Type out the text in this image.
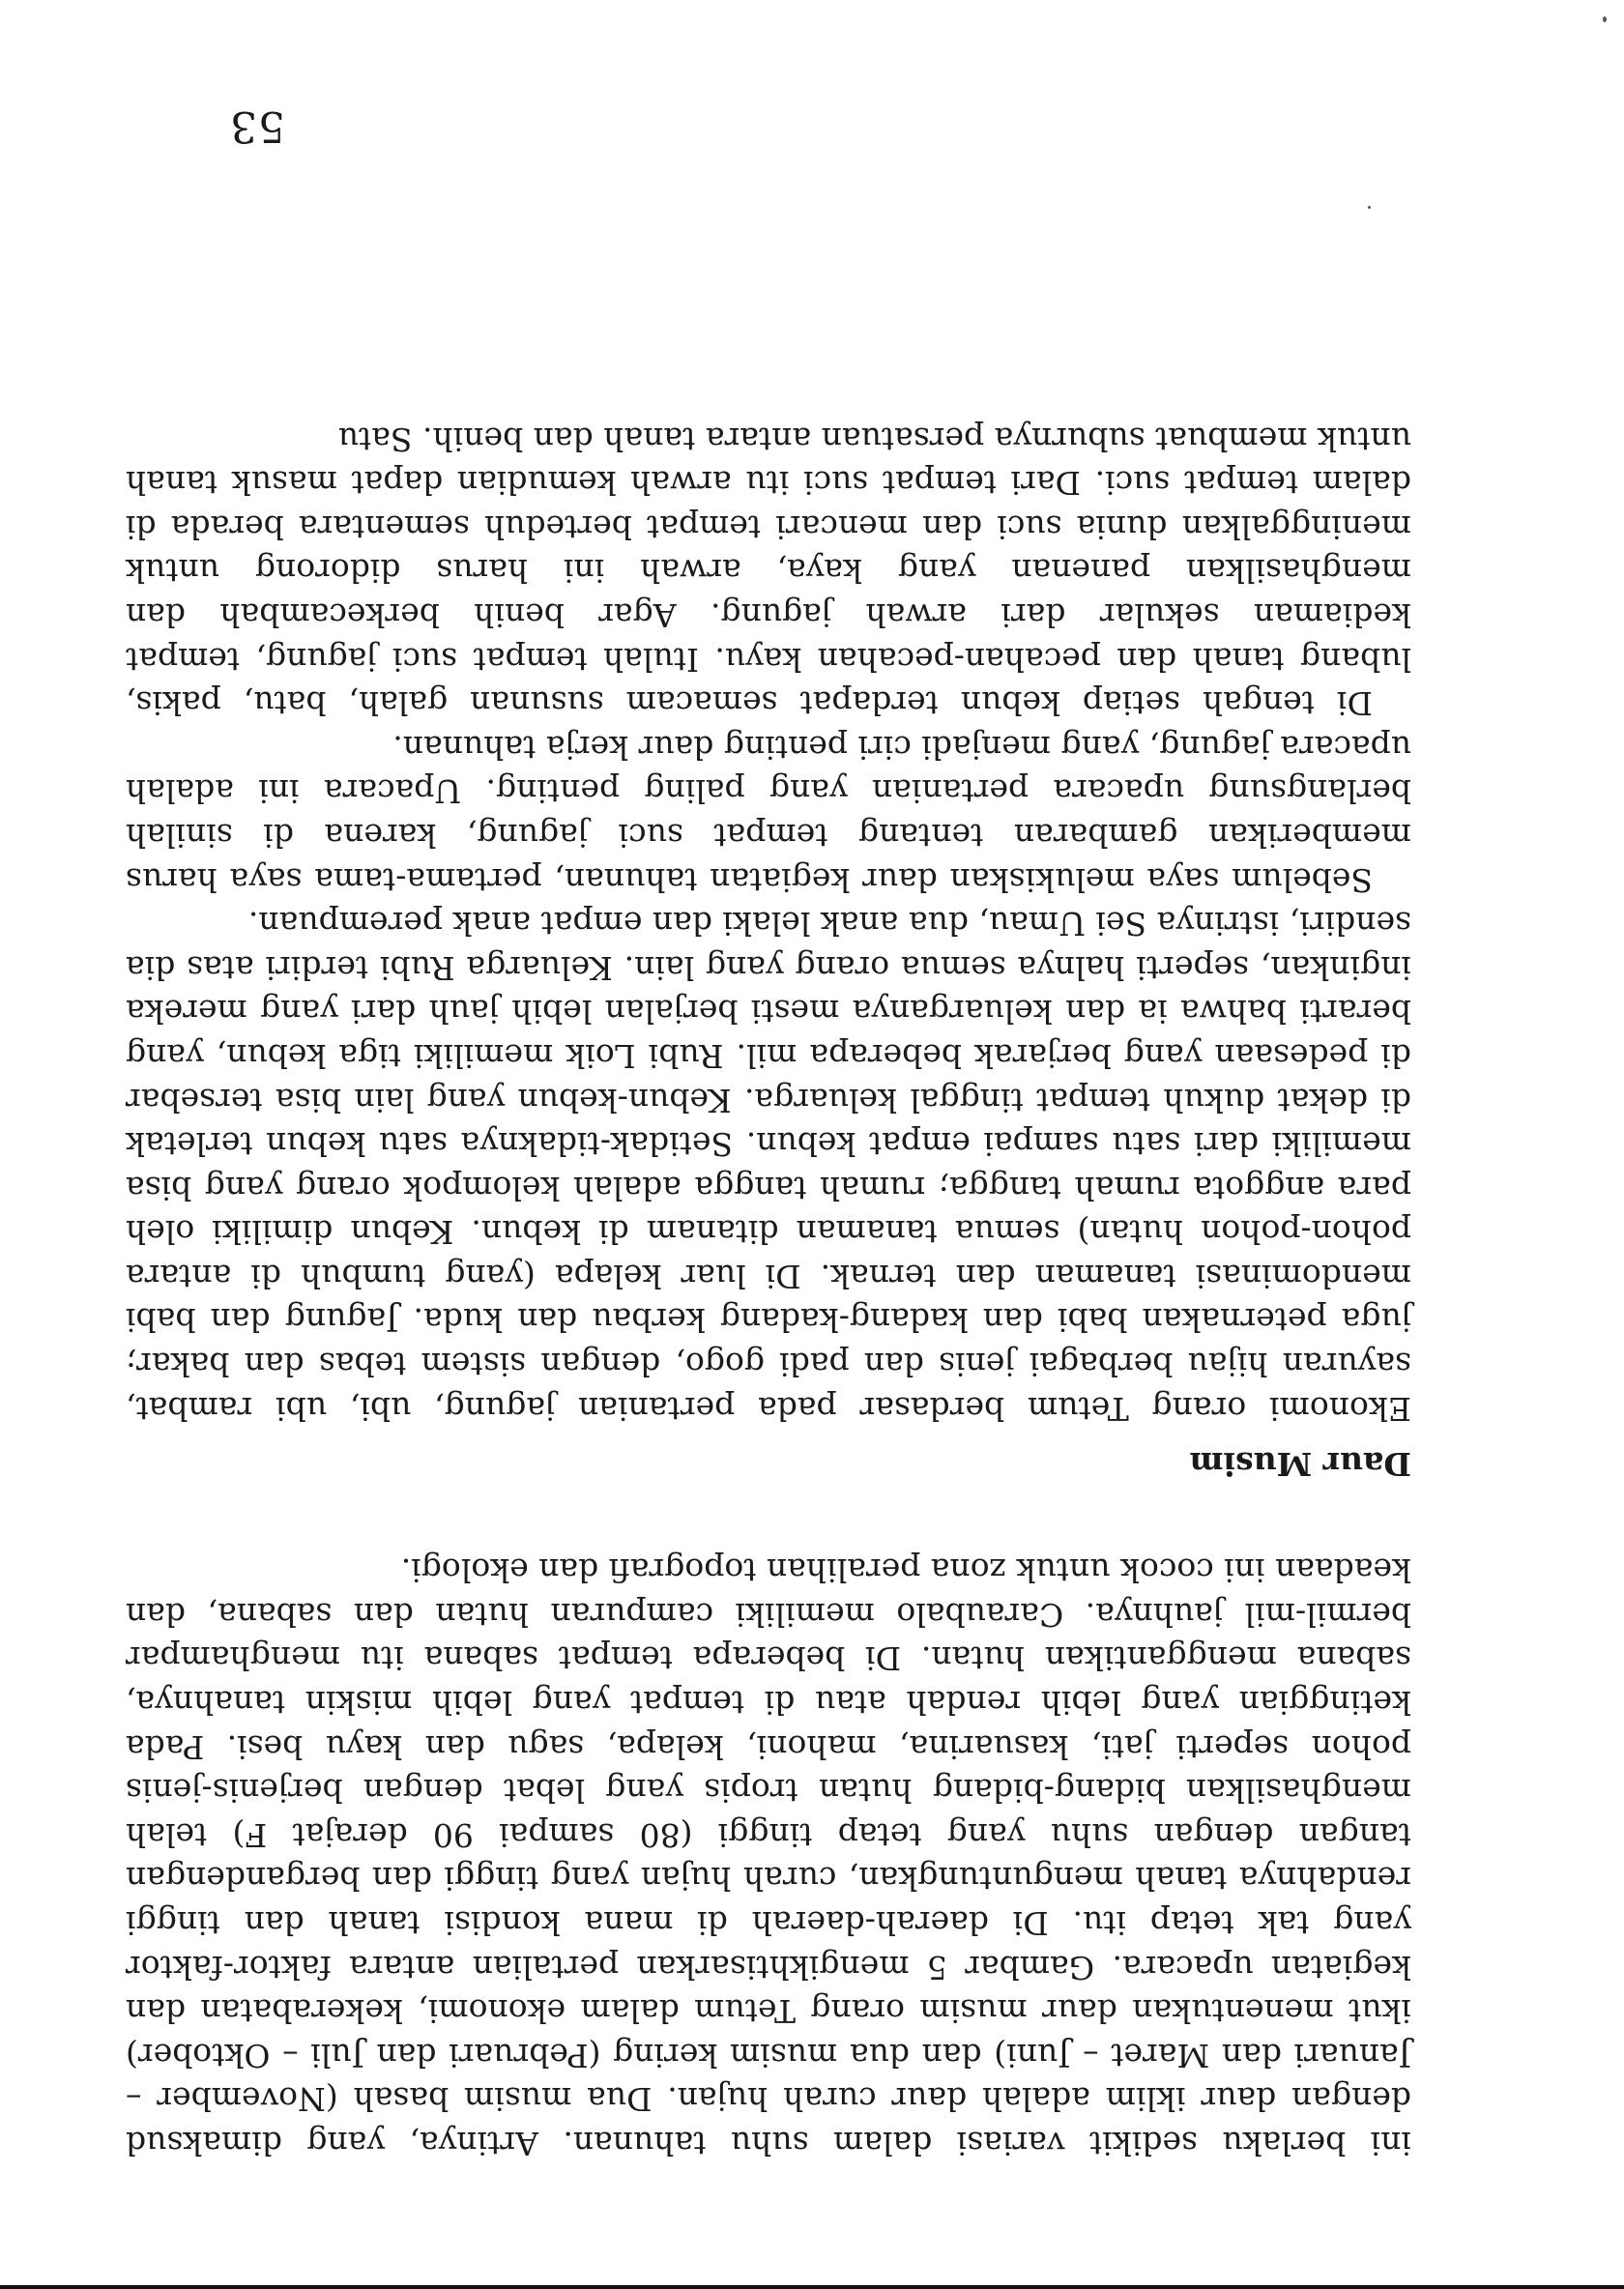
53

ini berlaku sedikit variasi dalam suhu tahunan. Artinya, yang dimaksud dengan daur iklim adalah daur curah hujan. Dua musim basah (November – Januari dan Maret – Juni) dan dua musim kering (Pebruari dan Juli – Oktober) ikut menentukan daur musim orang Tetum dalam ekonomi, kekerabatan dan kegiatan upacara. Gambar 5 mengikhtisarkan pertalian antara faktor-faktor yang tak tetap itu. Di daerah-daerah di mana kondisi tanah dan tinggi rendahnya tanah menguntungkan, curah hujan yang tinggi dan bergandengan tangan dengan suhu yang tetap tinggi (80 sampai 90 derajat F) telah menghasilkan bidang-bidang hutan tropis yang lebat dengan berjenis-jenis pohon seperti jati, kasuarina, mahoni, kelapa, sagu dan kayu besi. Pada ketinggian yang lebih rendah atau di tempat yang lebih miskin tanahnya, sabana menggantikan hutan. Di beberapa tempat sabana itu menghampar bermil-mil jauhnya. Caraubalo memiliki campuran hutan dan sabana, dan keadaan ini cocok untuk zona peralihan topografi dan ekologi.

Daur Musim

Ekonomi orang Tetum berdasar pada pertanian jagung, ubi, ubi rambat, sayuran hijau berbagai jenis dan padi gogo, dengan sistem tebas dan bakar; juga peternakan babi dan kadang-kadang kerbau dan kuda. Jagung dan babi mendominasi tanaman dan ternak. Di luar kelapa (yang tumbuh di antara pohon-pohon hutan) semua tanaman ditanam di kebun. Kebun dimiliki oleh para anggota rumah tangga; rumah tangga adalah kelompok orang yang bisa memiliki dari satu sampai empat kebun. Setidak-tidaknya satu kebun terletak di dekat dukuh tempat tinggal keluarga. Kebun-kebun yang lain bisa tersebar di pedesaan yang berjarak beberapa mil. Rubi Loik memiliki tiga kebun, yang berarti bahwa ia dan keluarganya mesti berjalan lebih jauh dari yang mereka inginkan, seperti halnya semua orang yang lain. Keluarga Rubi terdiri atas dia sendiri, istrinya Sei Umau, dua anak lelaki dan empat anak perempuan.

Sebelum saya melukiskan daur kegiatan tahunan, pertama-tama saya harus memberikan gambaran tentang tempat suci jagung, karena di sinilah berlangsung upacara pertanian yang paling penting. Upacara ini adalah upacara jagung, yang menjadi ciri penting daur kerja tahunan.

Di tengah setiap kebun terdapat semacam susunan galah, batu, pakis, lubang tanah dan pecahan-pecahan kayu. Itulah tempat suci jagung, tempat kediaman sekular dari arwah jagung. Agar benih berkecambah dan menghasilkan panenan yang kaya, arwah ini harus didorong untuk meninggalkan dunia suci dan mencari tempat berteduh sementara berada di dalam tempat suci. Dari tempat suci itu arwah kemudian dapat masuk tanah untuk membuat suburnya persatuan antara tanah dan benih. Satu
